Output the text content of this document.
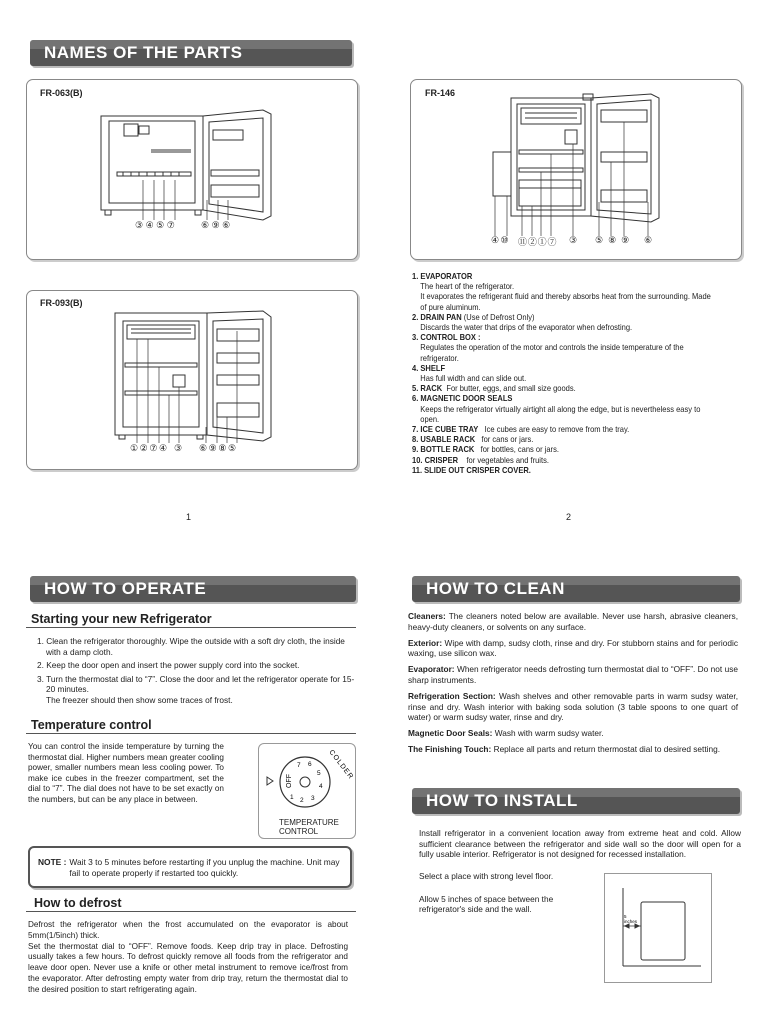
NAMES OF THE PARTS
FR-063(B)
③④⑤⑦	⑥⑨⑥
FR-093(B)
①②⑦④ ③ ⑥⑨⑧⑤
FR-146
④⑩ ⑪②①⑦ ③ ⑤⑧⑨ ⑥
1. EVAPORATOR
The heart of the refrigerator.
It evaporates the refrigerant fluid and thereby absorbs heat from the surrounding. Made of pure aluminum.
2. DRAIN PAN (Use of Defrost Only)
Discards the water that drips of the evaporator when defrosting.
3. CONTROL BOX :
Regulates the operation of the motor and controls the inside temperature of the refrigerator.
4. SHELF
Has full width and can slide out.
5. RACK For butter, eggs, and small size goods.
6. MAGNETIC DOOR SEALS
Keeps the refrigerator virtually airtight all along the edge, but is nevertheless easy to open.
7. ICE CUBE TRAY Ice cubes are easy to remove from the tray.
8. USABLE RACK for cans or jars.
9. BOTTLE RACK for bottles, cans or jars.
10. CRISPER for vegetables and fruits.
11. SLIDE OUT CRISPER COVER.
1	2
HOW TO OPERATE
Starting your new Refrigerator
1. Clean the refrigerator thoroughly. Wipe the outside with a soft dry cloth, the inside with a damp cloth.
2. Keep the door open and insert the power supply cord into the socket.
3. Turn the thermostat dial to “7”. Close the door and let the refrigerator operate for 15-20 minutes.
The freezer should then show some traces of frost.
Temperature control
You can control the inside temperature by turning the thermostat dial. Higher numbers mean greater cooling power, smaller numbers mean less cooling power. To make ice cubes in the freezer compartment, set the dial to “7”. The dial does not have to be set exactly on the numbers, but can be any place in between.
OFF
1 2 3
4
5
6
7	COLDER
TEMPERATURE
CONTROL
NOTE : Wait 3 to 5 minutes before restarting if you unplug the machine. Unit may fail to operate properly if restarted too quickly.
How to defrost
Defrost the refrigerator when the frost accumulated on the evaporator is about 5mm(1/5inch) thick.
Set the thermostat dial to “OFF”. Remove foods. Keep drip tray in place. Defrosting usually takes a few hours. To defrost quickly remove all foods from the refrigerator and leave door open. Never use a knife or other metal instrument to remove ice/frost from the evaporator. After defrosting empty water from drip tray, return the thermostat dial to the desired position to start refrigerating again.
HOW TO CLEAN
Cleaners: The cleaners noted below are available. Never use harsh, abrasive cleaners, heavy-duty cleaners, or solvents on any surface.
Exterior: Wipe with damp, sudsy cloth, rinse and dry. For stubborn stains and for periodic waxing, use silicon wax.
Evaporator: When refrigerator needs defrosting turn thermostat dial to “OFF”. Do not use sharp instruments.
Refrigeration Section: Wash shelves and other removable parts in warm sudsy water, rinse and dry. Wash interior with baking soda solution (3 table spoons to one quart of water) or warm sudsy water, rinse and dry.
Magnetic Door Seals: Wash with warm sudsy water.
The Finishing Touch: Replace all parts and return thermostat dial to desired setting.
HOW TO INSTALL
Install refrigerator in a convenient location away from extreme heat and cold. Allow sufficient clearance between the refrigerator and side wall so the door will open for a fully usable interior. Refrigerator is not designed for recessed installation.
Select a place with strong level floor.
Allow 5 inches of space between the refrigerator's side and the wall.
5
inches
